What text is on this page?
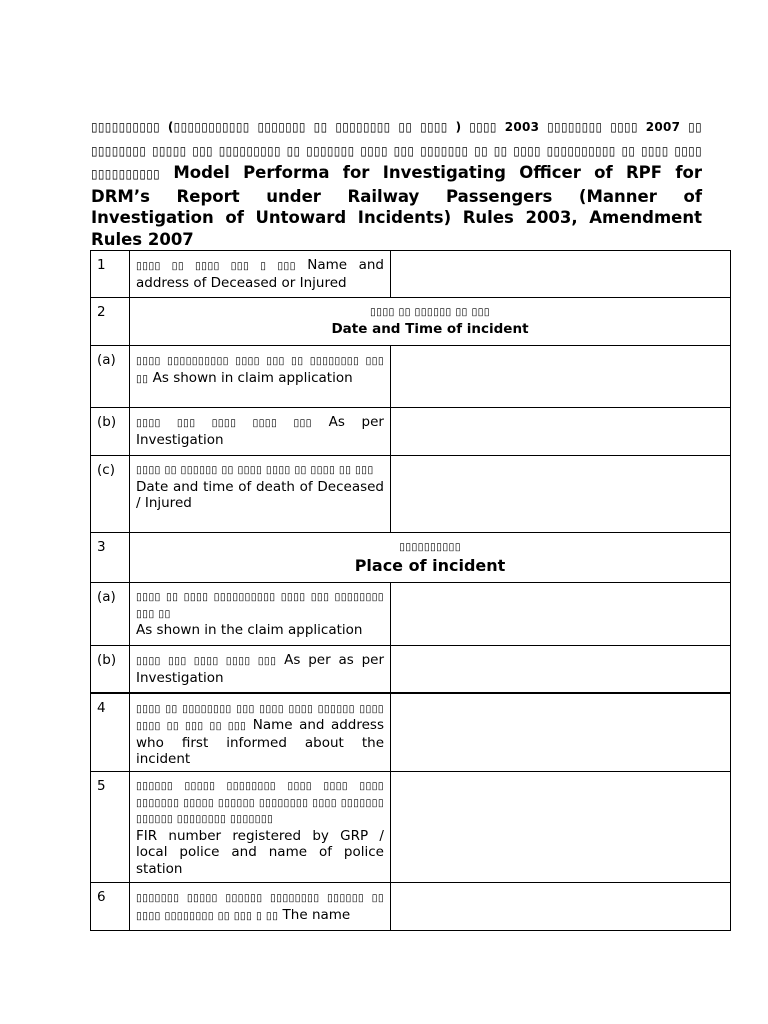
▯▯▯▯▯▯▯▯▯▯ (▯▯▯▯▯▯▯▯▯▯▯ ▯▯▯▯▯▯▯ ▯▯ ▯▯▯▯▯▯▯▯ ▯▯ ▯▯▯▯ ) ▯▯▯▯ 2003 ▯▯▯▯▯▯▯▯ ▯▯▯▯ 2007 ▯▯ ▯▯▯▯▯▯▯▯ ▯▯▯▯▯ ▯▯▯ ▯▯▯▯▯▯▯▯▯ ▯▯ ▯▯▯▯▯▯▯ ▯▯▯▯ ▯▯▯ ▯▯▯▯▯▯▯ ▯▯ ▯▯ ▯▯▯▯ ▯▯▯▯▯▯▯▯▯▯ ▯▯ ▯▯▯▯ ▯▯▯▯ ▯▯▯▯▯▯▯▯▯▯ Model Performa for Investigating Officer of RPF for DRM’s Report under Railway Passengers (Manner of Investigation of Untoward Incidents) Rules 2003, Amendment Rules 2007
1	▯▯▯▯ ▯▯ ▯▯▯▯ ▯▯▯ ▯ ▯▯▯ Name and address of Deceased or Injured	
2	▯▯▯▯ ▯▯ ▯▯▯▯▯▯ ▯▯ ▯▯▯
Date and Time of incident	

(a)	▯▯▯▯ ▯▯▯▯▯▯▯▯▯▯ ▯▯▯▯ ▯▯▯ ▯▯ ▯▯▯▯▯▯▯▯ ▯▯▯ ▯▯ As shown in claim application	
(b)	▯▯▯▯ ▯▯▯ ▯▯▯▯ ▯▯▯▯ ▯▯▯ As per Investigation	
(c)	▯▯▯▯ ▯▯ ▯▯▯▯▯▯ ▯▯ ▯▯▯▯ ▯▯▯▯ ▯▯ ▯▯▯▯ ▯▯ ▯▯▯
Date and time of death of Deceased / Injured	

3	▯▯▯▯▯▯▯▯▯▯
Place of incident	

(a)	▯▯▯▯ ▯▯ ▯▯▯▯ ▯▯▯▯▯▯▯▯▯▯ ▯▯▯▯ ▯▯▯ ▯▯▯▯▯▯▯▯ ▯▯▯ ▯▯
As shown in the claim application	

(b)	▯▯▯▯ ▯▯▯ ▯▯▯▯ ▯▯▯▯ ▯▯▯ As per as per Investigation	
4	▯▯▯▯ ▯▯ ▯▯▯▯▯▯▯▯ ▯▯▯ ▯▯▯▯ ▯▯▯▯ ▯▯▯▯▯▯ ▯▯▯▯ ▯▯▯▯ ▯▯ ▯▯▯ ▯▯ ▯▯▯ Name and address who first informed about the incident	
5	▯▯▯▯▯▯ ▯▯▯▯▯ ▯▯▯▯▯▯▯▯ ▯▯▯▯ ▯▯▯▯ ▯▯▯▯ ▯▯▯▯▯▯▯ ▯▯▯▯▯ ▯▯▯▯▯▯ ▯▯▯▯▯▯▯▯ ▯▯▯▯ ▯▯▯▯▯▯▯ ▯▯▯▯▯▯ ▯▯▯▯▯▯▯▯ ▯▯▯▯▯▯▯
FIR number registered by GRP / local police and name of police station	

6	▯▯▯▯▯▯▯ ▯▯▯▯▯ ▯▯▯▯▯▯ ▯▯▯▯▯▯▯▯ ▯▯▯▯▯▯ ▯▯ ▯▯▯▯ ▯▯▯▯▯▯▯▯ ▯▯ ▯▯▯ ▯ ▯▯ The name	
